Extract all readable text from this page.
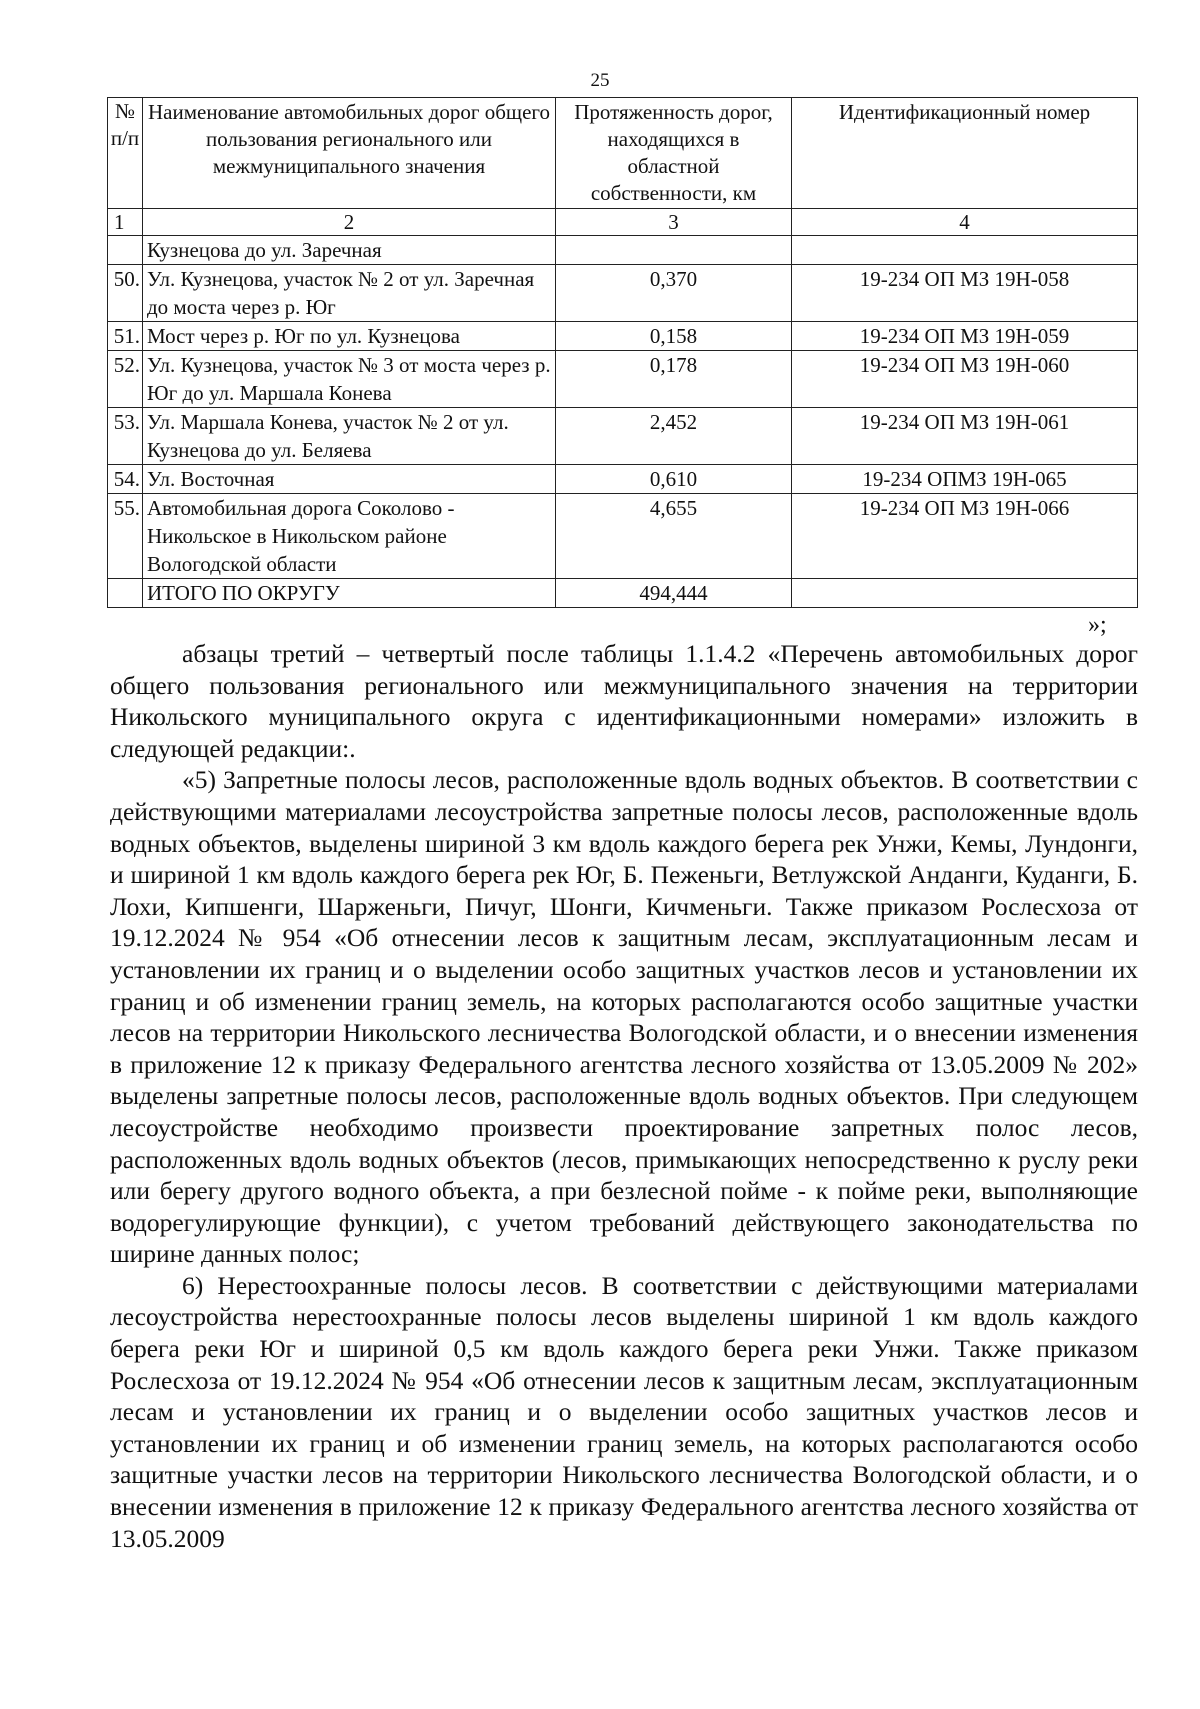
25
№ п/п	Наименование автомобильных дорог общего пользования регионального или межмуниципального значения	Протяженность дорог, находящихся в областной собственности, км	Идентификационный номер
1	2	3	4
	Кузнецова до ул. Заречная		
50.	Ул. Кузнецова, участок № 2 от ул. Заречная до моста через р. Юг	0,370	19-234 ОП МЗ 19Н-058
51.	Мост через р. Юг по ул. Кузнецова	0,158	19-234 ОП МЗ 19Н-059
52.	Ул. Кузнецова, участок № 3 от моста через р. Юг до ул. Маршала Конева	0,178	19-234 ОП МЗ 19Н-060
53.	Ул. Маршала Конева, участок № 2 от ул. Кузнецова до ул. Беляева	2,452	19-234 ОП МЗ 19Н-061
54.	Ул. Восточная	0,610	19-234 ОПМЗ 19Н-065
55.	Автомобильная дорога Соколово - Никольское в Никольском районе Вологодской области	4,655	19-234 ОП МЗ 19Н-066
	ИТОГО ПО ОКРУГУ	494,444	
»;

абзацы третий – четвертый после таблицы 1.1.4.2 «Перечень автомобильных дорог общего пользования регионального или межмуниципального значения на территории Никольского муниципального округа с идентификационными номерами» изложить в следующей редакции:.

«5) Запретные полосы лесов, расположенные вдоль водных объектов. В соответствии с действующими материалами лесоустройства запретные полосы лесов, расположенные вдоль водных объектов, выделены шириной 3 км вдоль каждого берега рек Унжи, Кемы, Лундонги, и шириной 1 км вдоль каждого берега рек Юг, Б. Пеженьги, Ветлужской Анданги, Куданги, Б. Лохи, Кипшенги, Шарженьги, Пичуг, Шонги, Кичменьги. Также приказом Рослесхоза от 19.12.2024 № 954 «Об отнесении лесов к защитным лесам, эксплуатационным лесам и установлении их границ и о выделении особо защитных участков лесов и установлении их границ и об изменении границ земель, на которых располагаются особо защитные участки лесов на территории Никольского лесничества Вологодской области, и о внесении изменения в приложение 12 к приказу Федерального агентства лесного хозяйства от 13.05.2009 № 202» выделены запретные полосы лесов, расположенные вдоль водных объектов. При следующем лесоустройстве необходимо произвести проектирование запретных полос лесов, расположенных вдоль водных объектов (лесов, примыкающих непосредственно к руслу реки или берегу другого водного объекта, а при безлесной пойме - к пойме реки, выполняющие водорегулирующие функции), с учетом требований действующего законодательства по ширине данных полос;

6) Нерестоохранные полосы лесов. В соответствии с действующими материалами лесоустройства нерестоохранные полосы лесов выделены шириной 1 км вдоль каждого берега реки Юг и шириной 0,5 км вдоль каждого берега реки Унжи. Также приказом Рослесхоза от 19.12.2024 № 954 «Об отнесении лесов к защитным лесам, эксплуатационным лесам и установлении их границ и о выделении особо защитных участков лесов и установлении их границ и об изменении границ земель, на которых располагаются особо защитные участки лесов на территории Никольского лесничества Вологодской области, и о внесении изменения в приложение 12 к приказу Федерального агентства лесного хозяйства от 13.05.2009
